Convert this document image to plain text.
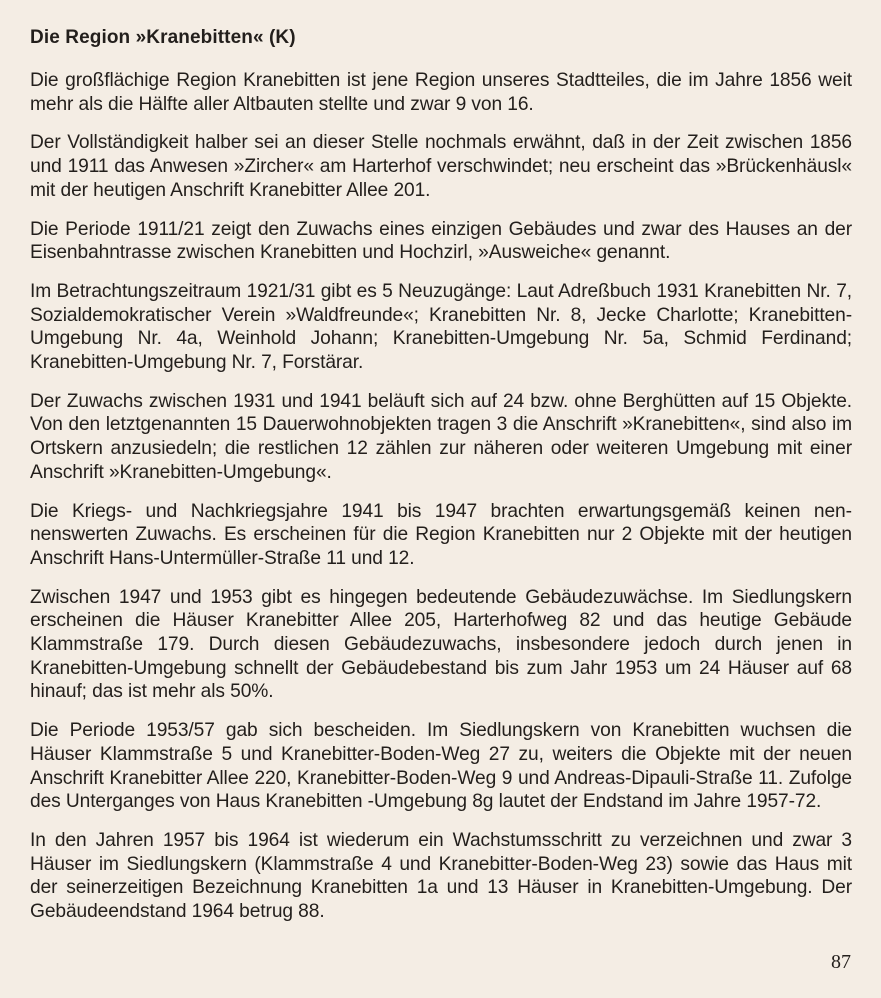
Die Region »Kranebitten« (K)

Die großflächige Region Kranebitten ist jene Region unseres Stadtteiles, die im Jahre 1856 weit mehr als die Hälfte aller Altbauten stellte und zwar 9 von 16.

Der Vollständigkeit halber sei an dieser Stelle nochmals erwähnt, daß in der Zeit zwischen 1856 und 1911 das Anwesen »Zircher« am Harterhof verschwindet; neu erscheint das »Brückenhäusl« mit der heutigen Anschrift Kranebitter Allee 201.

Die Periode 1911/21 zeigt den Zuwachs eines einzigen Gebäudes und zwar des Hauses an der Eisenbahntrasse zwischen Kranebitten und Hochzirl, »Ausweiche« genannt.

Im Betrachtungszeitraum 1921/31 gibt es 5 Neuzugänge: Laut Adreßbuch 1931 Kranebitten Nr. 7, Sozialdemokratischer Verein »Waldfreunde«; Kranebitten Nr. 8, Jecke Charlotte; Kranebitten-Umgebung Nr. 4a, Weinhold Johann; Kranebitten-Umgebung Nr. 5a, Schmid Ferdinand; Kranebitten-Umgebung Nr. 7, Forstärar.

Der Zuwachs zwischen 1931 und 1941 beläuft sich auf 24 bzw. ohne Berghütten auf 15 Objekte. Von den letztgenannten 15 Dauerwohnobjekten tragen 3 die Anschrift »Kranebitten«, sind also im Ortskern anzusiedeln; die restlichen 12 zählen zur näheren oder weiteren Umgebung mit einer Anschrift »Kranebitten-Umgebung«.

Die Kriegs- und Nachkriegsjahre 1941 bis 1947 brachten erwartungsgemäß keinen nennenswerten Zuwachs. Es erscheinen für die Region Kranebitten nur 2 Objekte mit der heutigen Anschrift Hans-Untermüller-Straße 11 und 12.

Zwischen 1947 und 1953 gibt es hingegen bedeutende Gebäudezuwächse. Im Siedlungskern erscheinen die Häuser Kranebitter Allee 205, Harterhofweg 82 und das heutige Gebäude Klammstraße 179. Durch diesen Gebäudezuwachs, insbesondere jedoch durch jenen in Kranebitten-Umgebung schnellt der Gebäudebestand bis zum Jahr 1953 um 24 Häuser auf 68 hinauf; das ist mehr als 50%.

Die Periode 1953/57 gab sich bescheiden. Im Siedlungskern von Kranebitten wuchsen die Häuser Klammstraße 5 und Kranebitter-Boden-Weg 27 zu, weiters die Objekte mit der neuen Anschrift Kranebitter Allee 220, Kranebitter-Boden-Weg 9 und Andreas-Dipauli-Straße 11. Zufolge des Unterganges von Haus Kranebitten -Umgebung 8g lautet der Endstand im Jahre 1957-72.

In den Jahren 1957 bis 1964 ist wiederum ein Wachstumsschritt zu verzeichnen und zwar 3 Häuser im Siedlungskern (Klammstraße 4 und Kranebitter-Boden-Weg 23) sowie das Haus mit der seinerzeitigen Bezeichnung Kranebitten 1a und 13 Häuser in Kranebitten-Umgebung. Der Gebäudeendstand 1964 betrug 88.

87
